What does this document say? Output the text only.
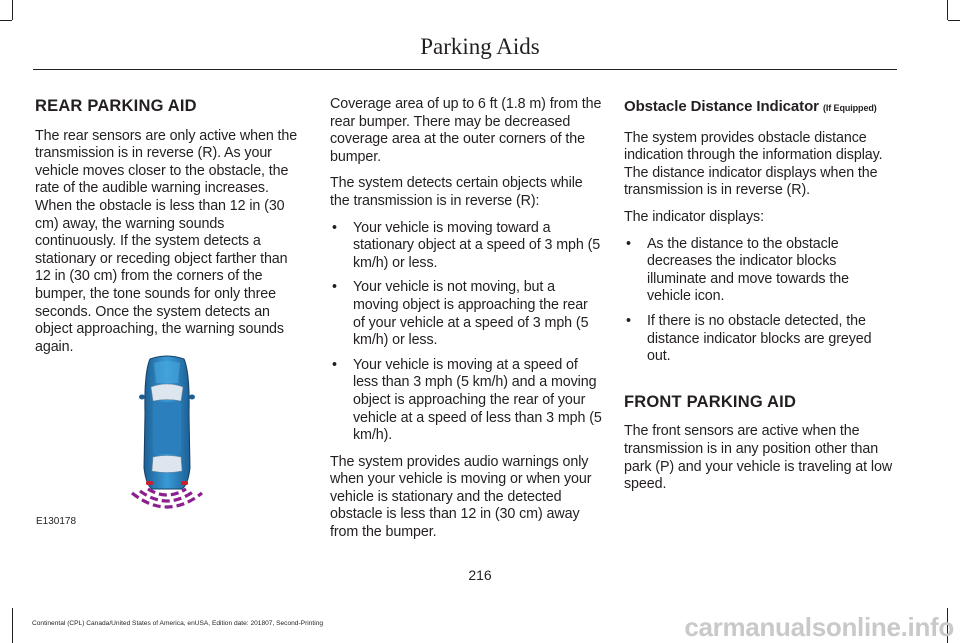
Parking Aids
REAR PARKING AID

The rear sensors are only active when the transmission is in reverse (R). As your vehicle moves closer to the obstacle, the rate of the audible warning increases. When the obstacle is less than 12 in (30 cm) away, the warning sounds continuously. If the system detects a stationary or receding object farther than 12 in (30 cm) from the corners of the bumper, the tone sounds for only three seconds. Once the system detects an object approaching, the warning sounds again.

E130178

Coverage area of up to 6 ft (1.8 m) from the rear bumper. There may be decreased coverage area at the outer corners of the bumper.

The system detects certain objects while the transmission is in reverse (R):

• Your vehicle is moving toward a stationary object at a speed of 3 mph (5 km/h) or less.
• Your vehicle is not moving, but a moving object is approaching the rear of your vehicle at a speed of 3 mph (5 km/h) or less.
• Your vehicle is moving at a speed of less than 3 mph (5 km/h) and a moving object is approaching the rear of your vehicle at a speed of less than 3 mph (5 km/h).

The system provides audio warnings only when your vehicle is moving or when your vehicle is stationary and the detected obstacle is less than 12 in (30 cm) away from the bumper.

Obstacle Distance Indicator (If Equipped)

The system provides obstacle distance indication through the information display. The distance indicator displays when the transmission is in reverse (R).

The indicator displays:

• As the distance to the obstacle decreases the indicator blocks illuminate and move towards the vehicle icon.
• If there is no obstacle detected, the distance indicator blocks are greyed out.
FRONT PARKING AID

The front sensors are active when the transmission is in any position other than park (P) and your vehicle is traveling at low speed.

216
Continental (CPL) Canada/United States of America, enUSA, Edition date: 201807, Second-Printing	carmanualsonline.info
